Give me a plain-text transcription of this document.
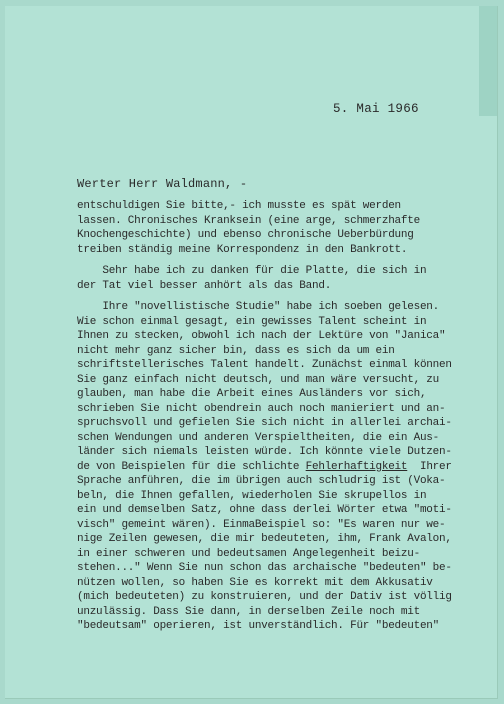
5. Mai 1966
Werter Herr Waldmann, -

entschuldigen Sie bitte,- ich musste es spät werden
lassen. Chronisches Kranksein (eine arge, schmerzhafte
Knochengeschichte) und ebenso chronische Ueberbürdung
treiben ständig meine Korrespondenz in den Bankrott.

Sehr habe ich zu danken für die Platte, die sich in
der Tat viel besser anhört als das Band.

Ihre "novellistische Studie" habe ich soeben gelesen.
Wie schon einmal gesagt, ein gewisses Talent scheint in
Ihnen zu stecken, obwohl ich nach der Lektüre von "Janica"
nicht mehr ganz sicher bin, dass es sich da um ein
schriftstellerisches Talent handelt. Zunächst einmal können
Sie ganz einfach nicht deutsch, und man wäre versucht, zu
glauben, man habe die Arbeit eines Ausländers vor sich,
schrieben Sie nicht obendrein auch noch manieriert und an-
spruchsvoll und gefielen Sie sich nicht in allerlei archai-
schen Wendungen und anderen Verspieltheiten, die ein Aus-
länder sich niemals leisten würde. Ich könnte viele Dutzen-
de von Beispielen für die schlichte Fehlerhaftigkeit  Ihrer
Sprache anführen, die im übrigen auch schludrig ist (Voka-
beln, die Ihnen gefallen, wiederholen Sie skrupellos in
ein und demselben Satz, ohne dass derlei Wörter etwa "moti-
visch" gemeint wären). EinmaBeispiel so: "Es waren nur we-
nige Zeilen gewesen, die mir bedeuteten, ihm, Frank Avalon,
in einer schweren und bedeutsamen Angelegenheit beizu-
stehen..." Wenn Sie nun schon das archaische "bedeuten" be-
nützen wollen, so haben Sie es korrekt mit dem Akkusativ
(mich bedeuteten) zu konstruieren, und der Dativ ist völlig
unzulässig. Dass Sie dann, in derselben Zeile noch mit
"bedeutsam" operieren, ist unverständlich. Für "bedeuten"
